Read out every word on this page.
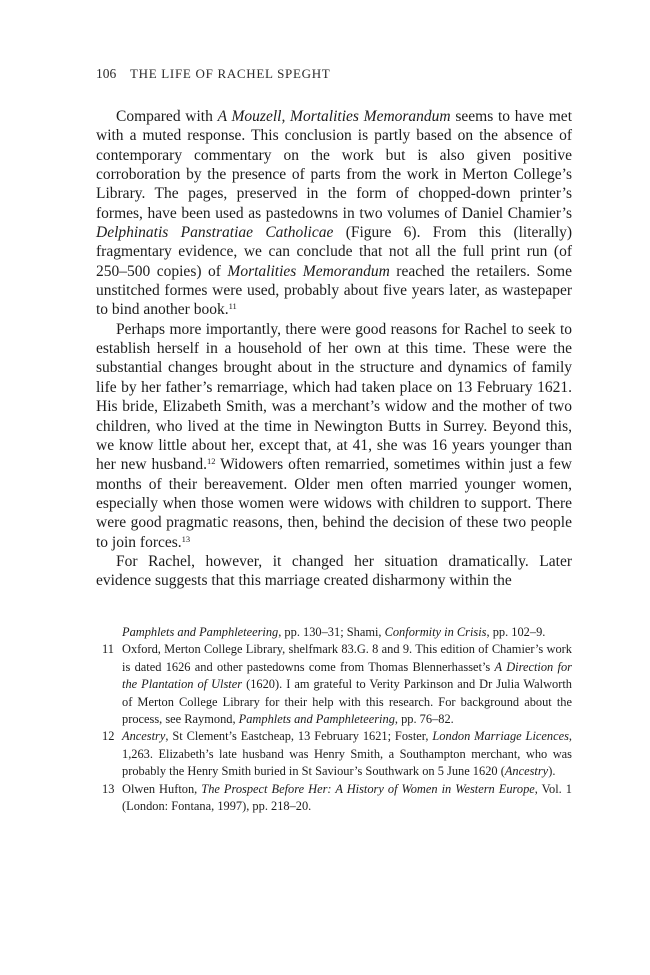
106 THE LIFE OF RACHEL SPEGHT

Compared with A Mouzell, Mortalities Memorandum seems to have met with a muted response. This conclusion is partly based on the absence of contemporary commentary on the work but is also given positive corroboration by the presence of parts from the work in Merton College’s Library. The pages, preserved in the form of chopped-down printer’s formes, have been used as pastedowns in two volumes of Daniel Chamier’s Delphinatis Panstratiae Catholicae (Figure 6). From this (literally) fragmentary evidence, we can conclude that not all the full print run (of 250–500 copies) of Mortalities Memorandum reached the retailers. Some unstitched formes were used, probably about five years later, as wastepaper to bind another book.$^{11}$

Perhaps more importantly, there were good reasons for Rachel to seek to establish herself in a household of her own at this time. These were the substantial changes brought about in the structure and dynamics of family life by her father’s remarriage, which had taken place on 13 February 1621. His bride, Elizabeth Smith, was a merchant’s widow and the mother of two children, who lived at the time in Newington Butts in Surrey. Beyond this, we know little about her, except that, at 41, she was 16 years younger than her new husband.$^{12}$ Widowers often remarried, sometimes within just a few months of their bereavement. Older men often married younger women, especially when those women were widows with children to support. There were good pragmatic reasons, then, behind the decision of these two people to join forces.$^{13}$

For Rachel, however, it changed her situation dramatically. Later evidence suggests that this marriage created disharmony within the

Pamphlets and Pamphleteering, pp. 130–31; Shami, Conformity in Crisis, pp. 102–9.
11 Oxford, Merton College Library, shelfmark 83.G. 8 and 9. This edition of Chamier’s work is dated 1626 and other pastedowns come from Thomas Blennerhasset’s A Direction for the Plantation of Ulster (1620). I am grateful to Verity Parkinson and Dr Julia Walworth of Merton College Library for their help with this research. For background about the process, see Raymond, Pamphlets and Pamphleteering, pp. 76–82.
12 Ancestry, St Clement’s Eastcheap, 13 February 1621; Foster, London Marriage Licences, 1,263. Elizabeth’s late husband was Henry Smith, a Southampton merchant, who was probably the Henry Smith buried in St Saviour’s Southwark on 5 June 1620 (Ancestry).
13 Olwen Hufton, The Prospect Before Her: A History of Women in Western Europe, Vol. 1 (London: Fontana, 1997), pp. 218–20.
